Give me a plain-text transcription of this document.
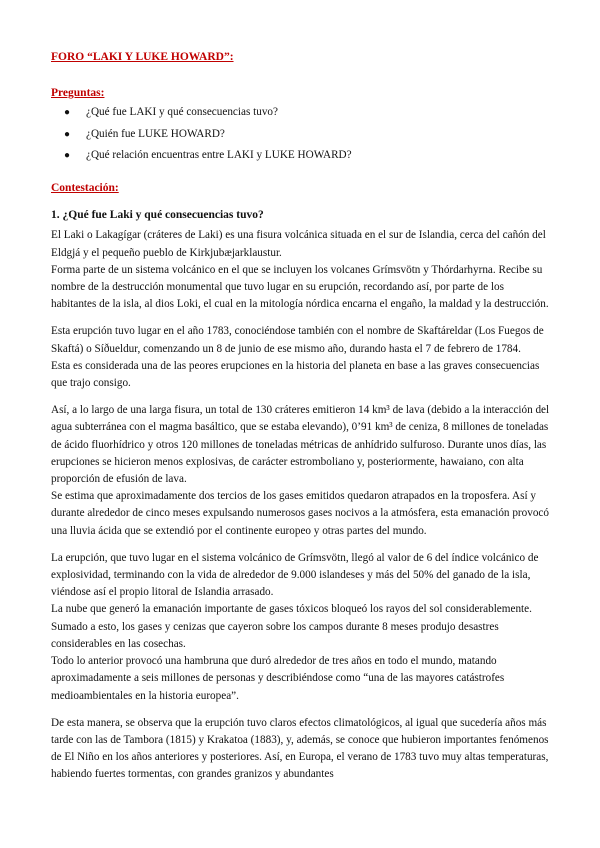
FORO “LAKI Y LUKE HOWARD”:

Preguntas:

● ¿Qué fue LAKI y qué consecuencias tuvo?
● ¿Quién fue LUKE HOWARD?
● ¿Qué relación encuentras entre LAKI y LUKE HOWARD?

Contestación:

1. ¿Qué fue Laki y qué consecuencias tuvo?

El Laki o Lakagígar (cráteres de Laki) es una fisura volcánica situada en el sur de Islandia, cerca del cañón del Eldgjá y el pequeño pueblo de Kirkjubæjarklaustur.

Forma parte de un sistema volcánico en el que se incluyen los volcanes Grímsvötn y Thórdarhyrna. Recibe su nombre de la destrucción monumental que tuvo lugar en su erupción, recordando así, por parte de los habitantes de la isla, al dios Loki, el cual en la mitología nórdica encarna el engaño, la maldad y la destrucción.

Esta erupción tuvo lugar en el año 1783, conociéndose también con el nombre de Skaftáreldar (Los Fuegos de Skaftá) o Síðueldur, comenzando un 8 de junio de ese mismo año, durando hasta el 7 de febrero de 1784.

Esta es considerada una de las peores erupciones en la historia del planeta en base a las graves consecuencias que trajo consigo.

Así, a lo largo de una larga fisura, un total de 130 cráteres emitieron 14 km³ de lava (debido a la interacción del agua subterránea con el magma basáltico, que se estaba elevando), 0’91 km³ de ceniza, 8 millones de toneladas de ácido fluorhídrico y otros 120 millones de toneladas métricas de anhídrido sulfuroso. Durante unos días, las erupciones se hicieron menos explosivas, de carácter estromboliano y, posteriormente, hawaiano, con alta proporción de efusión de lava.

Se estima que aproximadamente dos tercios de los gases emitidos quedaron atrapados en la troposfera. Así y durante alrededor de cinco meses expulsando numerosos gases nocivos a la atmósfera, esta emanación provocó una lluvia ácida que se extendió por el continente europeo y otras partes del mundo.

La erupción, que tuvo lugar en el sistema volcánico de Grímsvötn, llegó al valor de 6 del índice volcánico de explosividad, terminando con la vida de alrededor de 9.000 islandeses y más del 50% del ganado de la isla, viéndose así el propio litoral de Islandia arrasado.

La nube que generó la emanación importante de gases tóxicos bloqueó los rayos del sol considerablemente. Sumado a esto, los gases y cenizas que cayeron sobre los campos durante 8 meses produjo desastres considerables en las cosechas.

Todo lo anterior provocó una hambruna que duró alrededor de tres años en todo el mundo, matando aproximadamente a seis millones de personas y describiéndose como “una de las mayores catástrofes medioambientales en la historia europea”.

De esta manera, se observa que la erupción tuvo claros efectos climatológicos, al igual que sucedería años más tarde con las de Tambora (1815) y Krakatoa (1883), y, además, se conoce que hubieron importantes fenómenos de El Niño en los años anteriores y posteriores. Así, en Europa, el verano de 1783 tuvo muy altas temperaturas, habiendo fuertes tormentas, con grandes granizos y abundantes
